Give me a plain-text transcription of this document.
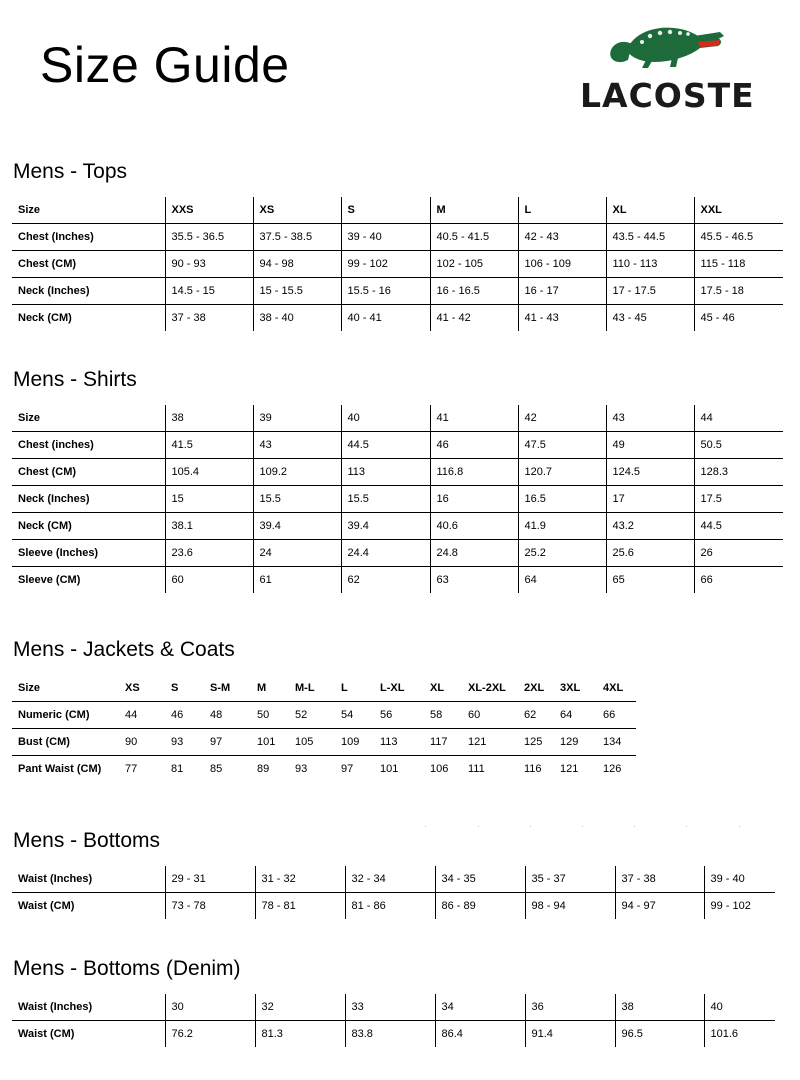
Size Guide
LACOSTE
Mens - Tops
Size	XXS	XS	S	M	L	XL	XXL
Chest (Inches)	35.5 - 36.5	37.5 - 38.5	39 - 40	40.5 - 41.5	42 - 43	43.5 - 44.5	45.5 - 46.5
Chest (CM)	90 - 93	94 - 98	99 - 102	102 - 105	106 - 109	110 - 113	115 - 118
Neck (Inches)	14.5 - 15	15 - 15.5	15.5 - 16	16 - 16.5	16 - 17	17 - 17.5	17.5 - 18
Neck (CM)	37 - 38	38 - 40	40 - 41	41 - 42	41 - 43	43 - 45	45 - 46
Mens - Shirts
Size	38	39	40	41	42	43	44
Chest (inches)	41.5	43	44.5	46	47.5	49	50.5
Chest (CM)	105.4	109.2	113	116.8	120.7	124.5	128.3
Neck (Inches)	15	15.5	15.5	16	16.5	17	17.5
Neck (CM)	38.1	39.4	39.4	40.6	41.9	43.2	44.5
Sleeve (Inches)	23.6	24	24.4	24.8	25.2	25.6	26
Sleeve (CM)	60	61	62	63	64	65	66
Mens - Jackets & Coats
Size	XS	S	S-M	M	M-L	L	L-XL	XL	XL-2XL	2XL	3XL	4XL
Numeric (CM)	44	46	48	50	52	54	56	58	60	62	64	66
Bust (CM)	90	93	97	101	105	109	113	117	121	125	129	134
Pant Waist (CM)	77	81	85	89	93	97	101	106	111	116	121	126
Mens - Bottoms
Waist (Inches)	29 - 31	31 - 32	32 - 34	34 - 35	35 - 37	37 - 38	39 - 40
Waist (CM)	73 - 78	78 - 81	81 - 86	86 - 89	98 - 94	94 - 97	99 - 102
Mens - Bottoms (Denim)
Waist (Inches)	30	32	33	34	36	38	40
Waist (CM)	76.2	81.3	83.8	86.4	91.4	96.5	101.6
